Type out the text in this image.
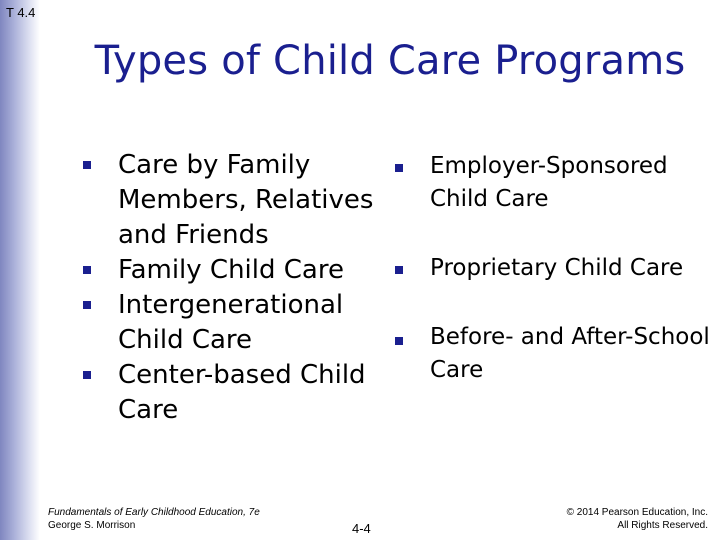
T 4.4
Types of Child Care Programs
Care by Family Members, Relatives and Friends
Family Child Care
Intergenerational Child Care
Center-based Child Care
Employer-Sponsored Child Care
Proprietary Child Care
Before- and After-School Care
Fundamentals of Early Childhood Education, 7e
George S. Morrison	4-4
© 2014 Pearson Education, Inc.
All Rights Reserved.
